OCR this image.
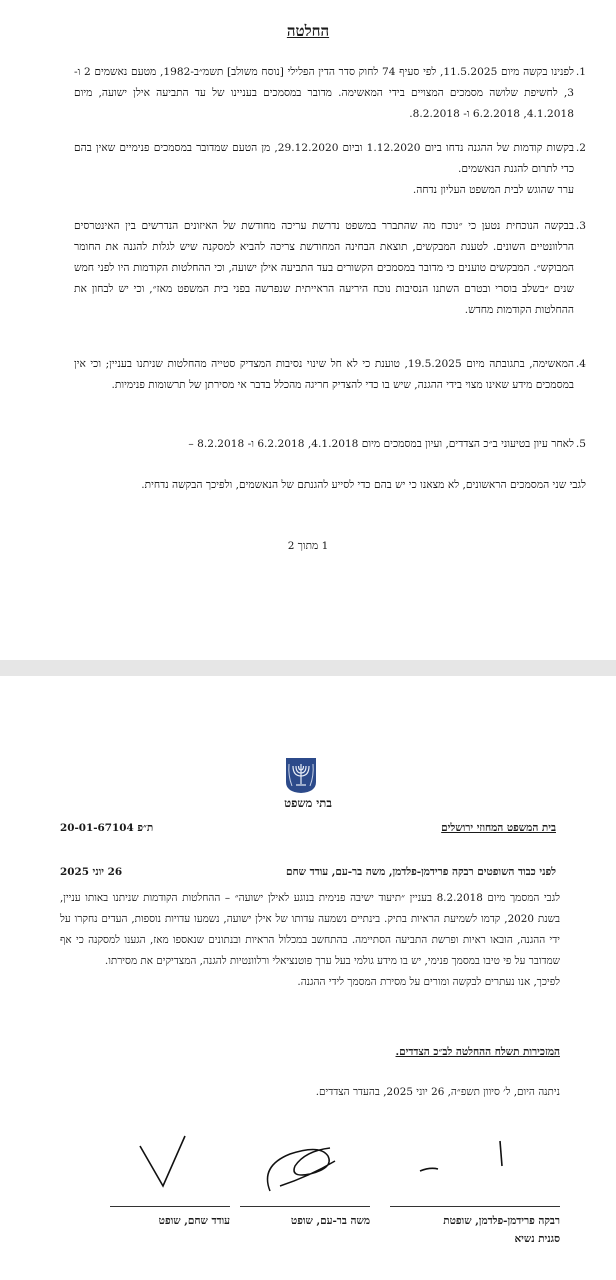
החלטה
1.
לפנינו בקשה מיום 11.5.2025, לפי סעיף 74 לחוק סדר הדין הפלילי [נוסח משולב] תשמ״ב-1982, מטעם נאשמים 2 ו- 3, לחשיפת שלושה מסמכים המצויים בידי המאשימה. מדובר במסמכים בעניינו של עד התביעה אילן ישועה, מיום 4.1.2018, 6.2.2018 ו- 8.2.2018.
2.
בקשות קודמות של ההגנה נדחו ביום 1.12.2020 וביום 29.12.2020, מן הטעם שמדובר במסמכים פנימיים שאין בהם כדי לתרום להגנת הנאשמים.
ערר שהוגש לבית המשפט העליון נדחה.
3.
בבקשה הנוכחית נטען כי ״נוכח מה שהתברר במשפט נדרשת עריכה מחודשת של האיזונים הנדרשים בין האינטרסים הרלוונטיים השונים. לטענת המבקשים, תוצאת הבחינה המחודשת צריכה להביא למסקנה שיש לגלות להגנה את החומר המבוקש״. המבקשים טוענים כי מדובר במסמכים הקשורים בעד התביעה אילן ישועה, וכי ההחלטות הקודמות היו לפני חמש שנים ״בשלב בוסרי ובטרם השתנו הנסיבות נוכח היריעה הראייתית שנפרשה בפני בית המשפט מאז״, וכי יש לבחון את ההחלטות הקודמות מחדש.
4.
המאשימה, בתגובתה מיום 19.5.2025, טוענת כי לא חל שינוי נסיבות המצדיק סטייה מהחלטות שניתנו בעניין; וכי אין במסמכים מידע שאינו מצוי בידי ההגנה, שיש בו כדי להצדיק חריגה מהכלל בדבר אי מסירתן של תרשומות פנימיות.
5.
לאחר עיון בטיעוני ב״כ הצדדים, ועיון במסמכים מיום 4.1.2018, 6.2.2018 ו- 8.2.2018 –
לגבי שני המסמכים הראשונים, לא מצאנו כי יש בהם כדי לסייע להגנתם של הנאשמים, ולפיכך הבקשה נדחית.
1 מתוך 2
בתי משפט
בית המשפט המחוזי ירושלים
ת״פ 20-01-67104
לפני כבוד השופטים רבקה פרידמן-פלדמן, משה בר-עם, עודד שחם
26 יוני 2025

לגבי המסמך מיום 8.2.2018 בעניין ״תיעוד ישיבה פנימית בנוגע לאילן ישועה״ – ההחלטות הקודמות שניתנו באותו עניין, בשנת 2020, קדמו לשמיעת הראיות בתיק. בינתיים נשמעה עדותו של אילן ישועה, נשמעו עדויות נוספות, העדים נחקרו על ידי ההגנה, הובאו ראיות ופרשת התביעה הסתיימה. בהתחשב במכלול הראיות ובנתונים שנאספו מאז, הגענו למסקנה כי אף שמדובר על פי טיבו במסמך פנימי, יש בו מידע גולמי בעל ערך פוטנציאלי ורלוונטיות להגנה, המצדיקים את מסירתו.

לפיכך, אנו נעתרים לבקשה ומורים על מסירת המסמך לידי ההגנה.

המזכירות תשלח ההחלטה לב״כ הצדדים.
ניתנה היום, ל׳ סיוון תשפ״ה, 26 יוני 2025, בהעדר הצדדים.
רבקה פרידמן-פלדמן, שופטת
סגנית נשיא
משה בר-עם, שופט
עודד שחם, שופט
